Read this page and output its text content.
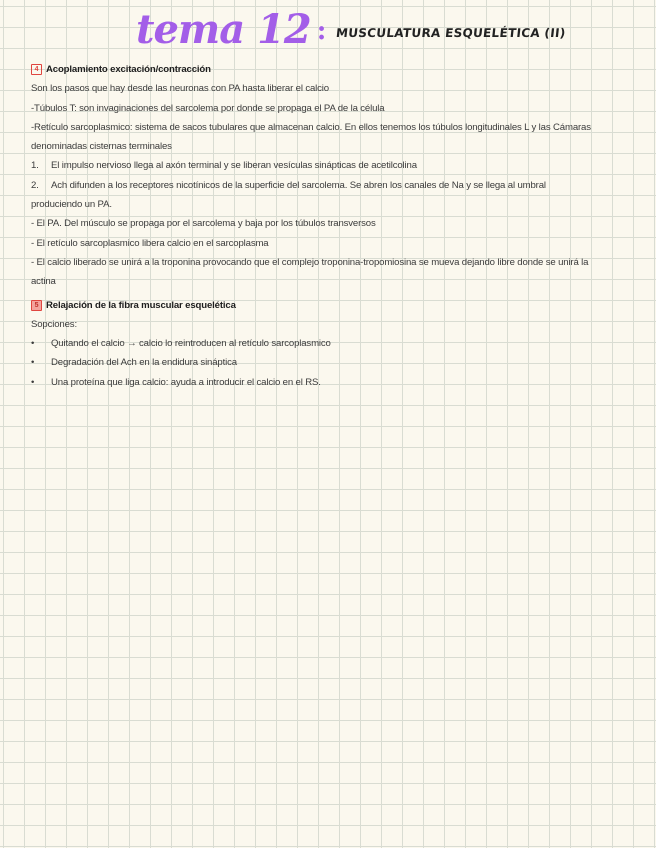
tema 12 : MUSCULATURA ESQUELÉTICA (II)

4 Acoplamiento excitación/contracción

Son los pasos que hay desde las neuronas con PA hasta liberar el calcio

-Túbulos T: son invaginaciones del sarcolema por donde se propaga el PA de la célula

-Retículo sarcoplasmico: sistema de sacos tubulares que almacenan calcio. En ellos tenemos los túbulos longitudinales L y las Cámaras

denominadas cisternas terminales

1.	El impulso nervioso llega al axón terminal y se liberan vesículas sinápticas de acetilcolina

2.	Ach difunden a los receptores nicotínicos de la superficie del sarcolema. Se abren los canales de Na y se llega al umbral

produciendo un PA.

- El PA. Del músculo se propaga por el sarcolema y baja por los túbulos transversos

- El retículo sarcoplasmico libera calcio en el sarcoplasma

- El calcio liberado se unirá a la troponina provocando que el complejo troponina-tropomiosina se mueva dejando libre donde se unirá la

actina

5 Relajación de la fibra muscular esquelética

Sopciones:

•	Quitando el calcio → calcio lo reintroducen al retículo sarcoplasmico

•	Degradación del Ach en la endidura sináptica

•	Una proteína que liga calcio: ayuda a introducir el calcio en el RS.
